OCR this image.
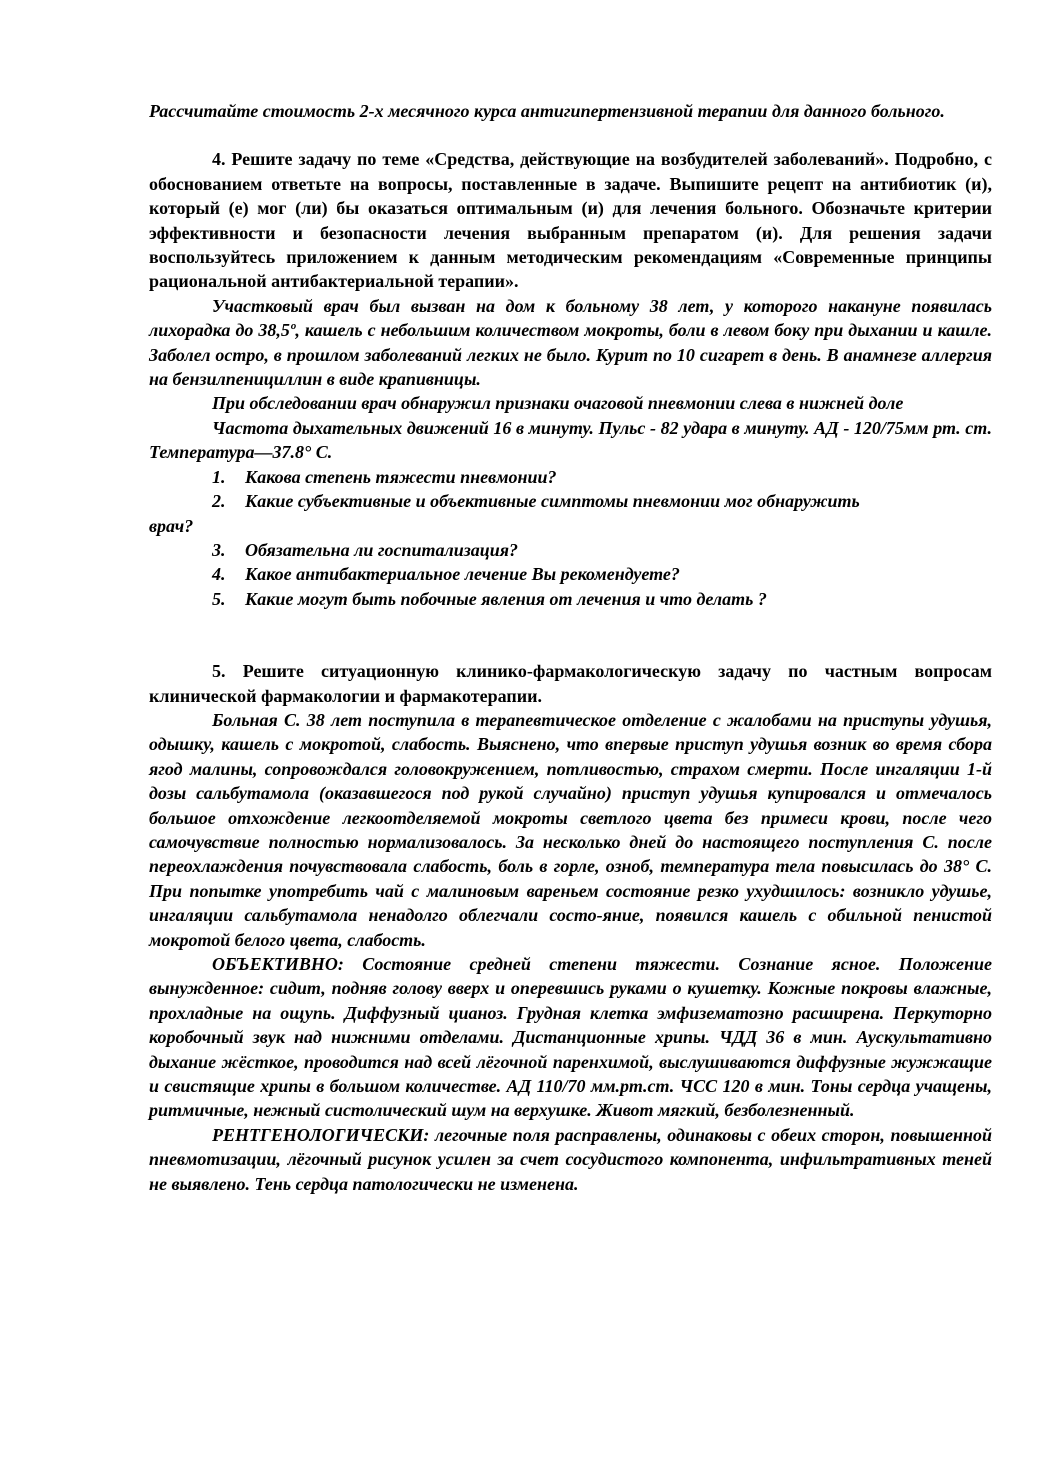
Рассчитайте стоимость 2-х месячного курса антигипертензивной терапии для данного больного.

4. Решите задачу по теме «Средства, действующие на возбудителей заболеваний». Подробно, с обоснованием ответьте на вопросы, поставленные в задаче. Выпишите рецепт на антибиотик (и), который (е) мог (ли) бы оказаться оптимальным (и) для лечения больного. Обозначьте критерии эффективности и безопасности лечения выбранным препаратом (и). Для решения задачи воспользуйтесь приложением к данным методическим рекомендациям «Современные принципы рациональной антибактериальной терапии».

Участковый врач был вызван на дом к больному 38 лет, у которого накануне появилась лихорадка до 38,5º, кашель с небольшим количеством мокроты, боли в левом боку при дыхании и кашле. Заболел остро, в прошлом заболеваний легких не было. Курит по 10 сигарет в день. В анамнезе аллергия на бензилпенициллин в виде крапивницы.

При обследовании врач обнаружил признаки очаговой пневмонии слева в нижней доле

Частота дыхательных движений 16 в минуту. Пульс - 82 удара в минуту. АД - 120/75мм рт. ст. Температура—37.8° С.

1. Какова степень тяжести пневмонии?

2. Какие субъективные и объективные симптомы пневмонии мог обнаружить
врач?

3. Обязательна ли госпитализация?

4. Какое антибактериальное лечение Вы рекомендуете?

5. Какие могут быть побочные явления от лечения и что делать ?

5. Решите ситуационную клинико-фармакологическую задачу по частным вопросам клинической фармакологии и фармакотерапии.

Больная С. 38 лет поступила в терапевтическое отделение с жалобами на приступы удушья, одышку, кашель с мокротой, слабость. Выяснено, что впервые приступ удушья возник во время сбора ягод малины, сопровождался головокружением, потливостью, страхом смерти. После ингаляции 1-й дозы сальбутамола (оказавшегося под рукой случайно) приступ удушья купировался и отмечалось большое отхождение легкоотделяемой мокроты светлого цвета без примеси крови, после чего самочувствие полностью нормализовалось. За несколько дней до настоящего поступления С. после переохлаждения почувствовала слабость, боль в горле, озноб, температура тела повысилась до 38° С. При попытке употребить чай с малиновым вареньем состояние резко ухудшилось: возникло удушье, ингаляции сальбутамола ненадолго облегчали состо-яние, появился кашель с обильной пенистой мокротой белого цвета, слабость.

ОБЪЕКТИВНО: Состояние средней степени тяжести. Сознание ясное. Положение вынужденное: сидит, подняв голову вверх и оперевшись руками о кушетку. Кожные покровы влажные, прохладные на ощупь. Диффузный цианоз. Грудная клетка эмфизематозно расширена. Перкуторно коробочный звук над нижними отделами. Дистанционные хрипы. ЧДД 36 в мин. Аускультативно дыхание жёсткое, проводится над всей лёгочной паренхимой, выслушиваются диффузные жужжащие и свистящие хрипы в большом количестве. АД 110/70 мм.рт.ст. ЧСС 120 в мин. Тоны сердца учащены, ритмичные, нежный систолический шум на верхушке. Живот мягкий, безболезненный.

РЕНТГЕНОЛОГИЧЕСКИ: легочные поля расправлены, одинаковы с обеих сторон, повышенной пневмотизации, лёгочный рисунок усилен за счет сосудистого компонента, инфильтративных теней не выявлено. Тень сердца патологически не изменена.
